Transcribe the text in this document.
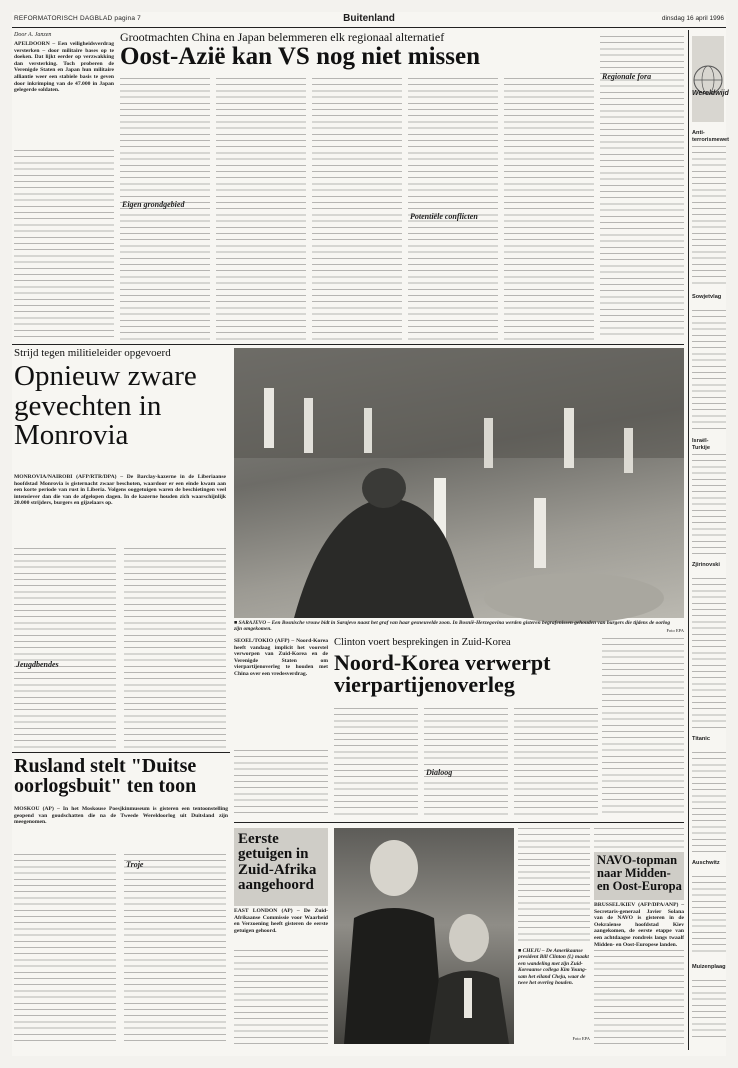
REFORMATORISCH DAGBLAD pagina 7	Buitenland	dinsdag 16 april 1996
Door A. Janzen
APELDOORN – Een veiligheidsverdrag versterken – door militaire bases op te doeken. Dat lijkt eerder op verzwakking dan versterking. Toch proberen de Verenigde Staten en Japan hun militaire alliantie weer een stabiele basis te geven door inkrimping van de 47.000 in Japan gelegerde soldaten.
Grootmachten China en Japan belemmeren elk regionaal alternatief
Oost-Azië kan VS nog niet missen
Eigen grondgebied
Potentiële conflicten
Regionale fora
Wereldwijd
Anti-terrorismewet
Sowjetvlag
Israël-Turkije
Zjirinovski
Titanic
Auschwitz
Muizenplaag
Strijd tegen militieleider opgevoerd
Opnieuw zware gevechten in Monrovia
MONROVIA/NAIROBI (AFP/RTR/DPA) – De Barclay-kazerne in de Liberiaanse hoofdstad Monrovia is gisternacht zwaar beschoten, waardoor er een einde kwam aan een korte periode van rust in Liberia. Volgens ooggetuigen waren de beschietingen veel intensiever dan die van de afgelopen dagen. In de kazerne houden zich waarschijnlijk 20.000 strijders, burgers en gijzelaars op.
Jeugdbendes
■ SARAJEVO – Een Bosnische vrouw bidt in Sarajevo naast het graf van haar gesneuvelde zoon. In Bosnië-Herzegovina werden gisteren begrafenissen gehouden van burgers die tijdens de oorlog zijn omgekomen.	Foto EPA
SEOEL/TOKIO (AFP) – Noord-Korea heeft vandaag implicit het voorstel verworpen van Zuid-Korea en de Verenigde Staten om vierpartijenoverleg te houden met China over een vredesverdrag.
Clinton voert besprekingen in Zuid-Korea
Noord-Korea verwerpt vierpartijenoverleg
Dialoog
Rusland stelt "Duitse oorlogsbuit" ten toon
MOSKOU (AP) – In het Moskouse Poesjkinmuseum is gisteren een tentoonstelling geopend van goudschatten die na de Tweede Wereldoorlog uit Duitsland zijn meegenomen.
Troje
Eerste getuigen in Zuid-Afrika aangehoord
EAST LONDON (AP) – De Zuid-Afrikaanse Commissie voor Waarheid en Verzoening heeft gisteren de eerste getuigen gehoord.
■ CHEJU – De Amerikaanse president Bill Clinton (l.) maakt een wandeling met zijn Zuid-Koreaanse collega Kim Young-sam het eiland Cheju, waar de twee het overleg houden.
Foto EPA
NAVO-topman naar Midden- en Oost-Europa
BRUSSEL/KIEV (AFP/DPA/ANP) – Secretaris-generaal Javier Solana van de NAVO is gisteren in de Oekraïense hoofdstad Kiev aangekomen, de eerste etappe van een achtdaagse rondreis langs twaalf Midden- en Oost-Europese landen.
